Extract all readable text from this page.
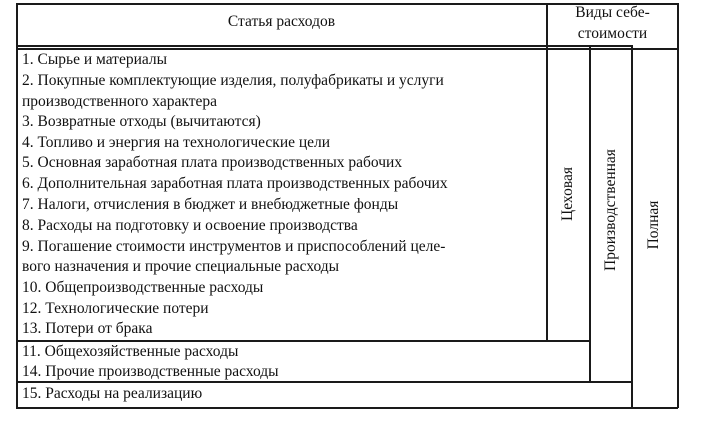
Статья расходов
Виды себе-
стоимости
1. Сырье и материалы
2. Покупные комплектующие изделия, полуфабрикаты и услуги
производственного характера
3. Возвратные отходы (вычитаются)
4. Топливо и энергия на технологические цели
5. Основная заработная плата производственных рабочих
6. Дополнительная заработная плата производственных рабочих
7. Налоги, отчисления в бюджет и внебюджетные фонды
8. Расходы на подготовку и освоение производства
9. Погашение стоимости инструментов и приспособлений целе-
вого назначения и прочие специальные расходы
10. Общепроизводственные расходы
12. Технологические потери
13. Потери от брака
11. Общехозяйственные расходы
14. Прочие производственные расходы
15. Расходы на реализацию
Цеховая Производственная Полная
